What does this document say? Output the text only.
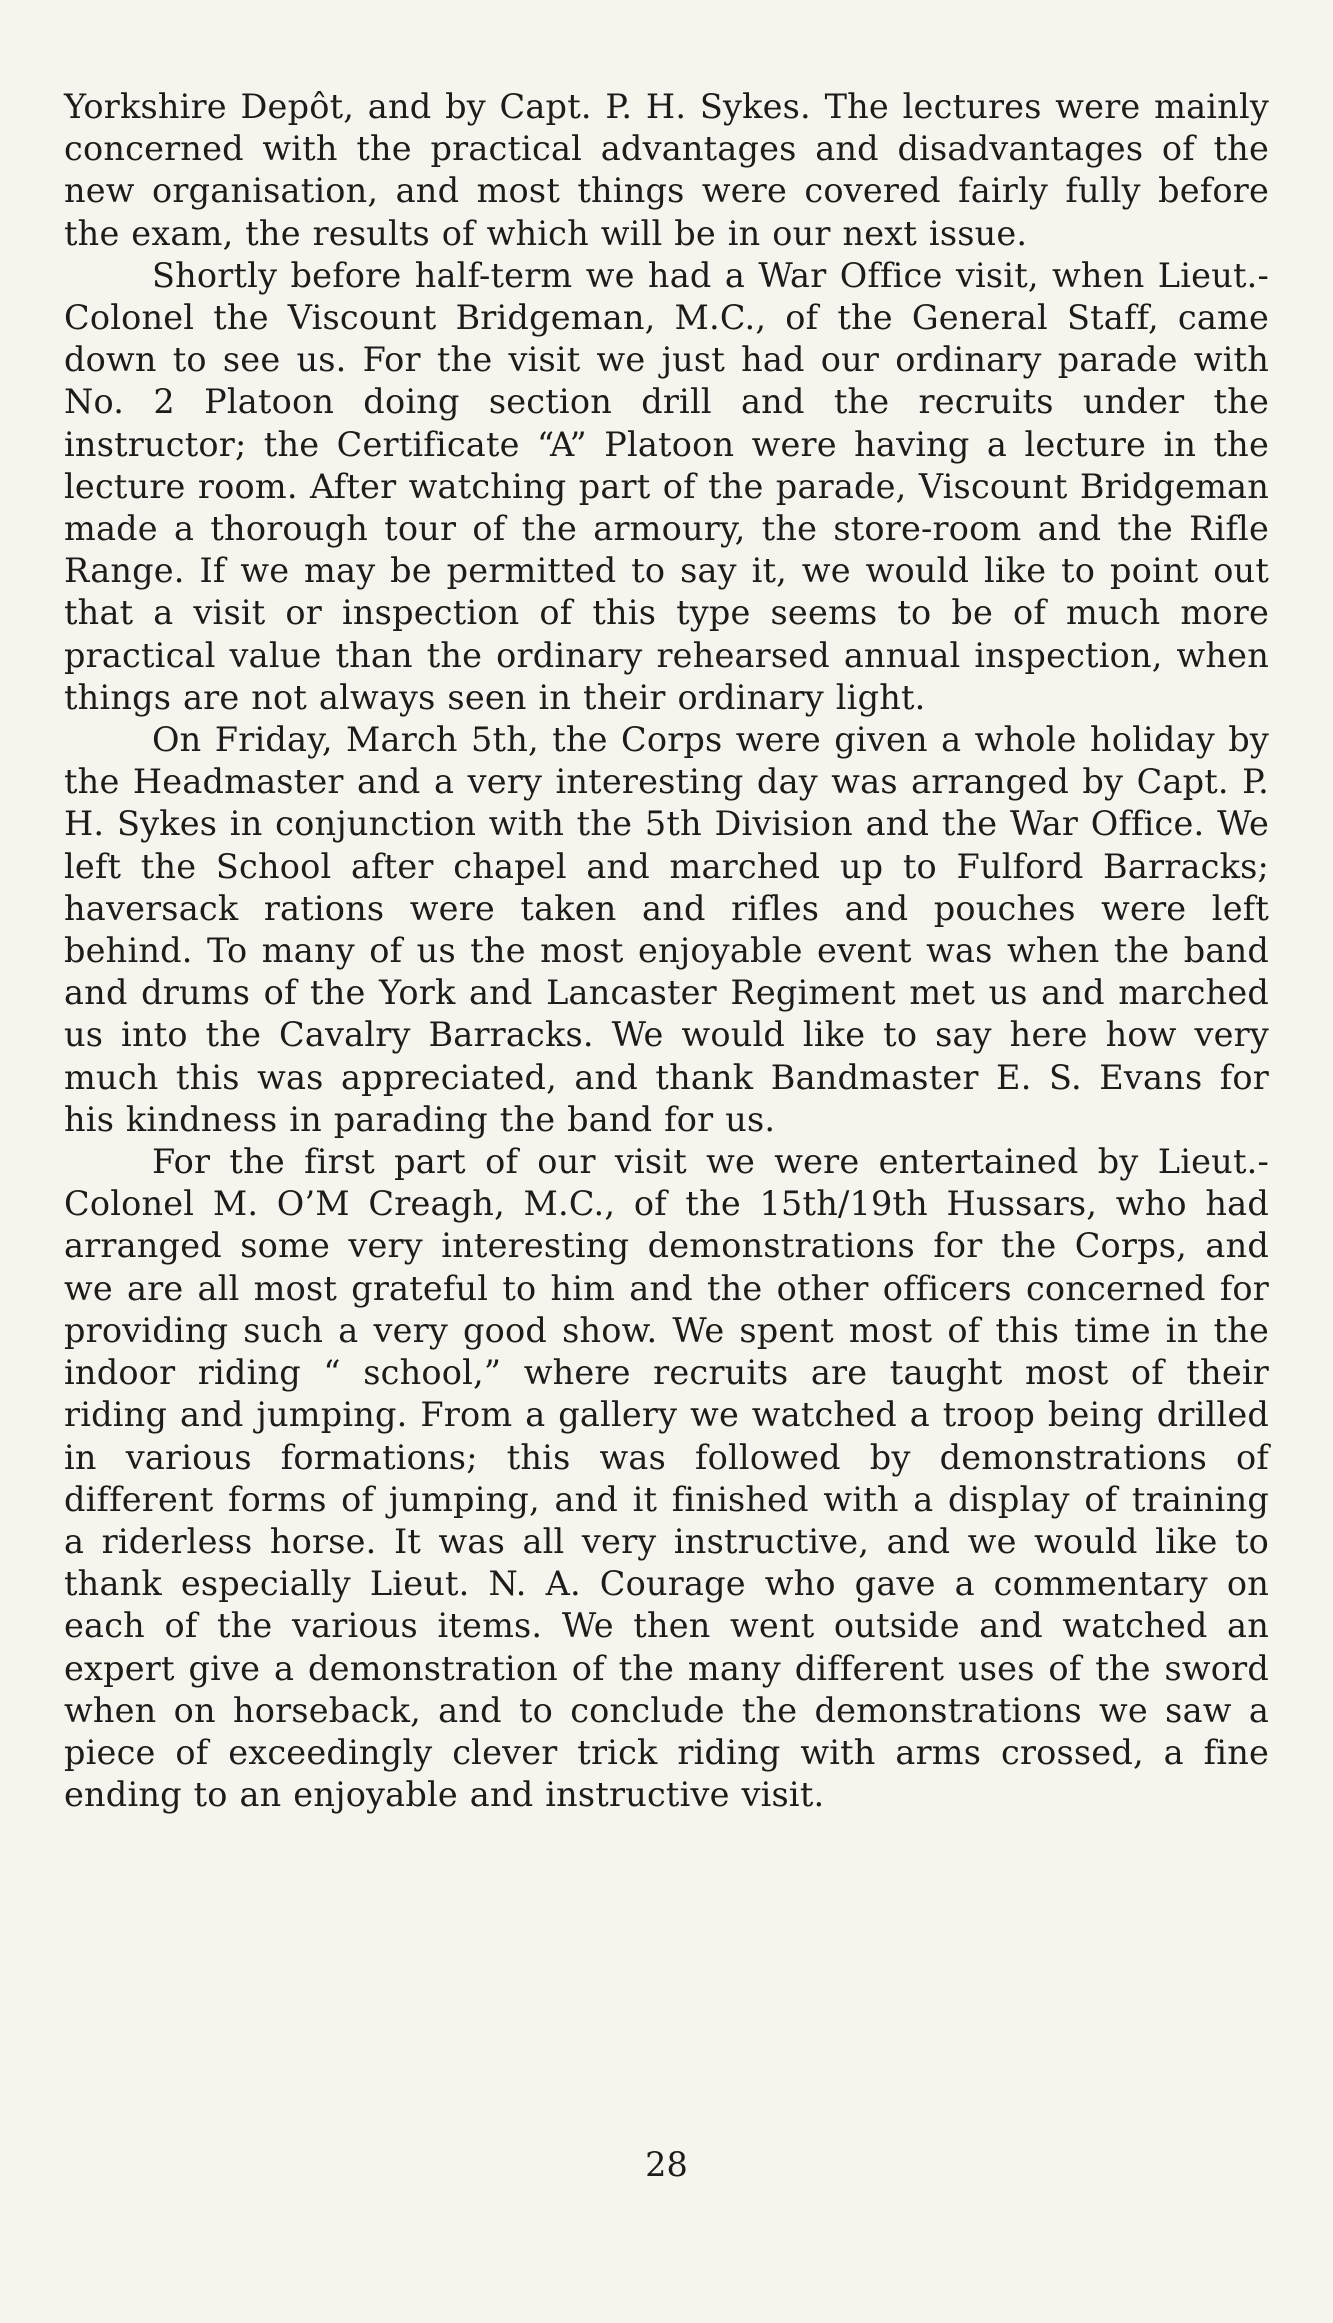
Yorkshire Depôt, and by Capt. P. H. Sykes. The lectures were mainly concerned with the practical advantages and disadvantages of the new organisation, and most things were covered fairly fully before the exam, the results of which will be in our next issue.

Shortly before half-term we had a War Office visit, when Lieut.-Colonel the Viscount Bridgeman, M.C., of the General Staff, came down to see us. For the visit we just had our ordinary parade with No. 2 Platoon doing section drill and the recruits under the instructor; the Certificate “A” Platoon were having a lecture in the lecture room. After watching part of the parade, Viscount Bridgeman made a thorough tour of the armoury, the store-room and the Rifle Range. If we may be permitted to say it, we would like to point out that a visit or inspection of this type seems to be of much more practical value than the ordinary rehearsed annual inspection, when things are not always seen in their ordinary light.

On Friday, March 5th, the Corps were given a whole holiday by the Headmaster and a very interesting day was arranged by Capt. P. H. Sykes in conjunction with the 5th Division and the War Office. We left the School after chapel and marched up to Fulford Barracks; haversack rations were taken and rifles and pouches were left behind. To many of us the most enjoyable event was when the band and drums of the York and Lancaster Regiment met us and marched us into the Cavalry Barracks. We would like to say here how very much this was appreciated, and thank Bandmaster E. S. Evans for his kindness in parading the band for us.

For the first part of our visit we were entertained by Lieut.-Colonel M. O’M Creagh, M.C., of the 15th/19th Hussars, who had arranged some very interesting demonstrations for the Corps, and we are all most grateful to him and the other officers concerned for providing such a very good show. We spent most of this time in the indoor riding “ school,” where recruits are taught most of their riding and jumping. From a gallery we watched a troop being drilled in various formations; this was followed by demonstrations of different forms of jumping, and it finished with a display of training a riderless horse. It was all very instructive, and we would like to thank especially Lieut. N. A. Courage who gave a commentary on each of the various items. We then went outside and watched an expert give a demonstration of the many different uses of the sword when on horseback, and to conclude the demonstrations we saw a piece of exceedingly clever trick riding with arms crossed, a fine ending to an enjoyable and instructive visit.

28
